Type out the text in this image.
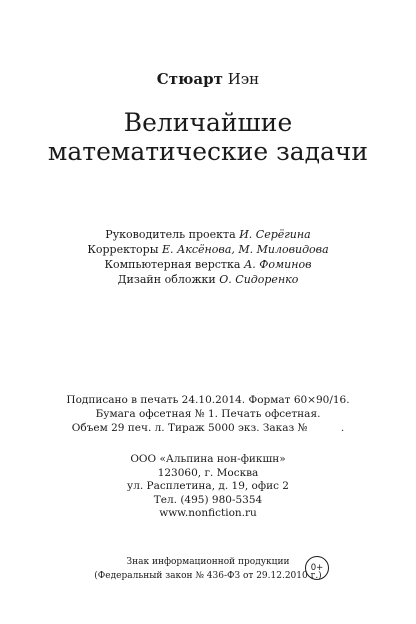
Стюарт Иэн
Величайшие
математические задачи
Руководитель проекта И. Серёгина
Корректоры Е. Аксёнова, М. Миловидова
Компьютерная верстка А. Фоминов
Дизайн обложки О. Сидоренко
Подписано в печать 24.10.2014. Формат 60×90/16.
Бумага офсетная № 1. Печать офсетная.
Объем 29 печ. л. Тираж 5000 экз. Заказ №          .
ООО «Альпина нон-фикшн»
123060, г. Москва
ул. Расплетина, д. 19, офис 2
Тел. (495) 980-5354
www.nonfiction.ru
Знак информационной продукции
(Федеральный закон № 436-ФЗ от 29.12.2010 г.)
0+
